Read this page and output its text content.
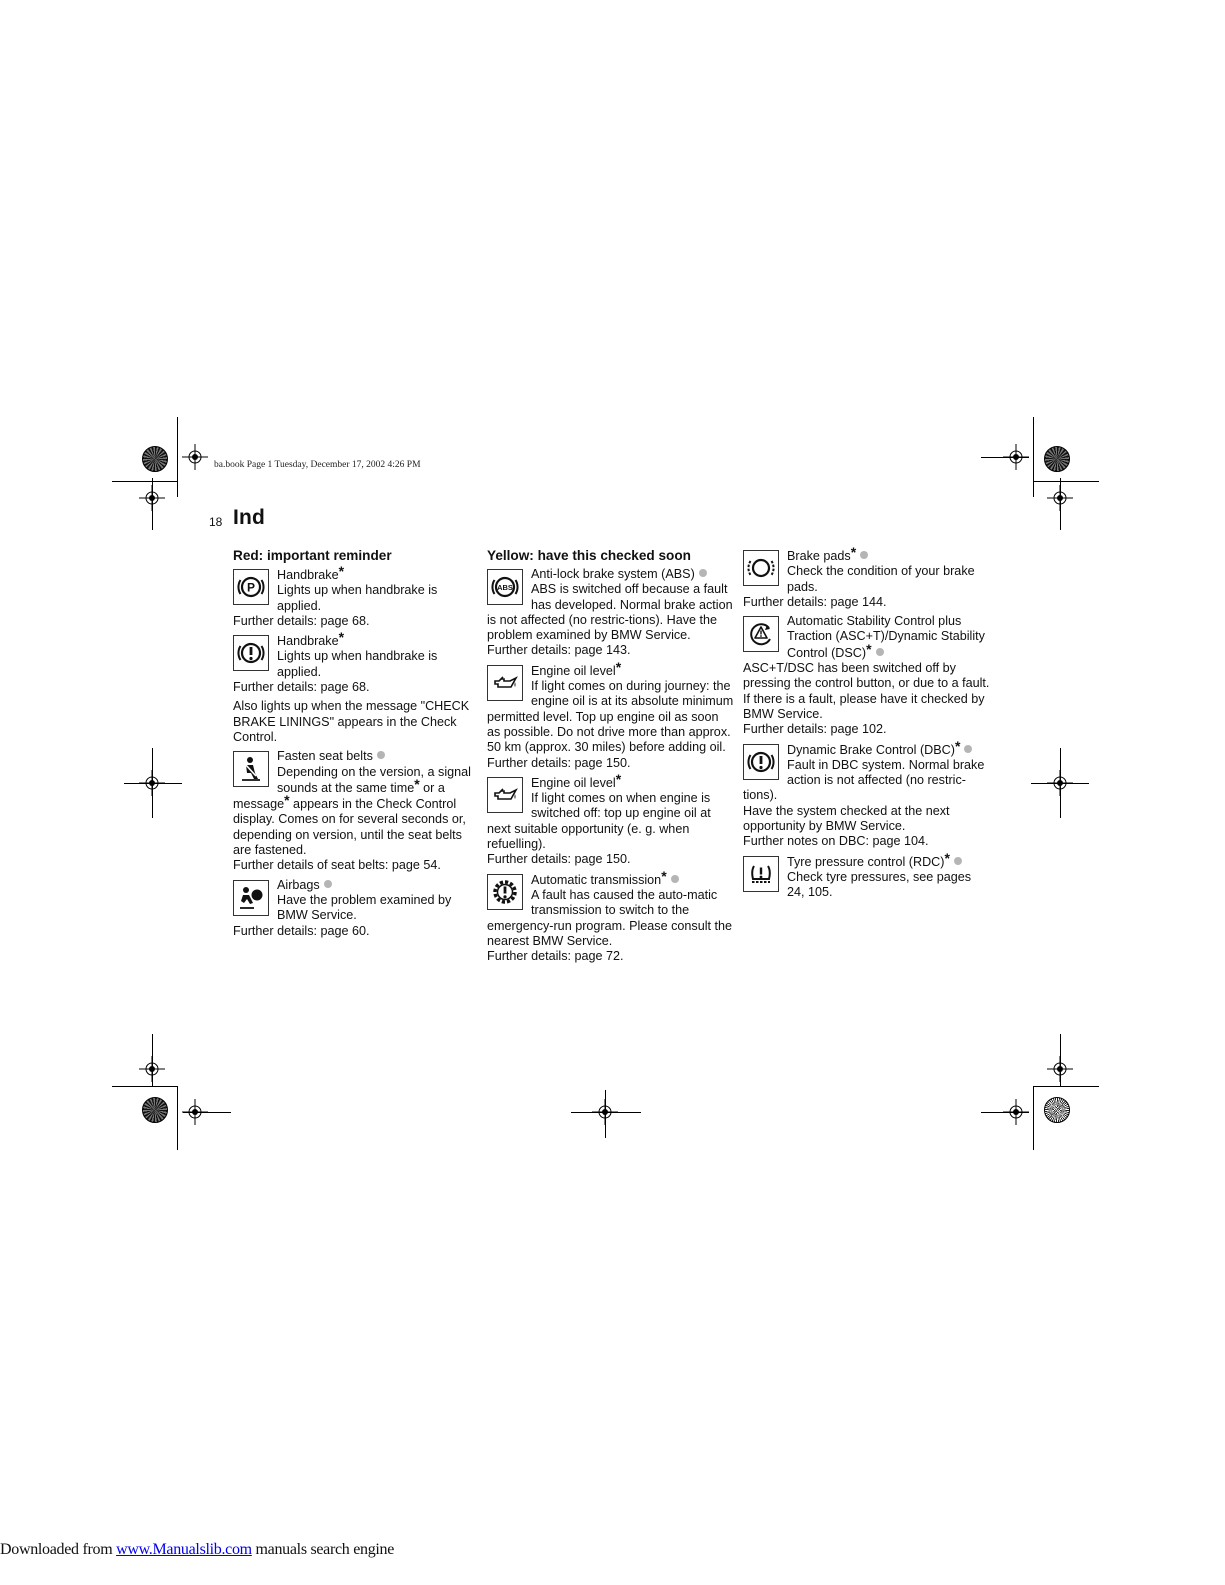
ba.book Page 1 Tuesday, December 17, 2002 4:26 PM
18 Ind
Red: important reminder
P
Handbrake*
Lights up when handbrake is applied.
Further details: page 68.
Handbrake*
Lights up when handbrake is applied.
Further details: page 68.
Also lights up when the message "CHECK BRAKE LININGS" appears in the Check Control.
Fasten seat belts
Depending on the version, a signal sounds at the same time* or a message* appears in the Check Control display. Comes on for several seconds or, depending on version, until the seat belts are fastened.
Further details of seat belts: page 54.
Airbags
Have the problem examined by BMW Service.
Further details: page 60.
Yellow: have this checked soon
ABS
Anti-lock brake system (ABS)
ABS is switched off because a fault has developed. Normal brake action is not affected (no restric-tions). Have the problem examined by BMW Service.
Further details: page 143.
Engine oil level*
If light comes on during journey: the engine oil is at its absolute minimum permitted level. Top up engine oil as soon as possible. Do not drive more than approx. 50 km (approx. 30 miles) before adding oil.
Further details: page 150.
Engine oil level*
If light comes on when engine is switched off: top up engine oil at next suitable opportunity (e. g. when refuelling).
Further details: page 150.
Automatic transmission*
A fault has caused the auto-matic transmission to switch to the emergency-run program. Please consult the nearest BMW Service.
Further details: page 72.
Brake pads*
Check the condition of your brake pads.
Further details: page 144.
Automatic Stability Control plus Traction (ASC+T)/Dynamic Stability Control (DSC)*
ASC+T/DSC has been switched off by pressing the control button, or due to a fault. If there is a fault, please have it checked by BMW Service.
Further details: page 102.
Dynamic Brake Control (DBC)*
Fault in DBC system. Normal brake action is not affected (no restric-tions).
Have the system checked at the next opportunity by BMW Service.
Further notes on DBC: page 104.
Tyre pressure control (RDC)*
Check tyre pressures, see pages 24, 105.
Downloaded from www.Manualslib.com manuals search engine
